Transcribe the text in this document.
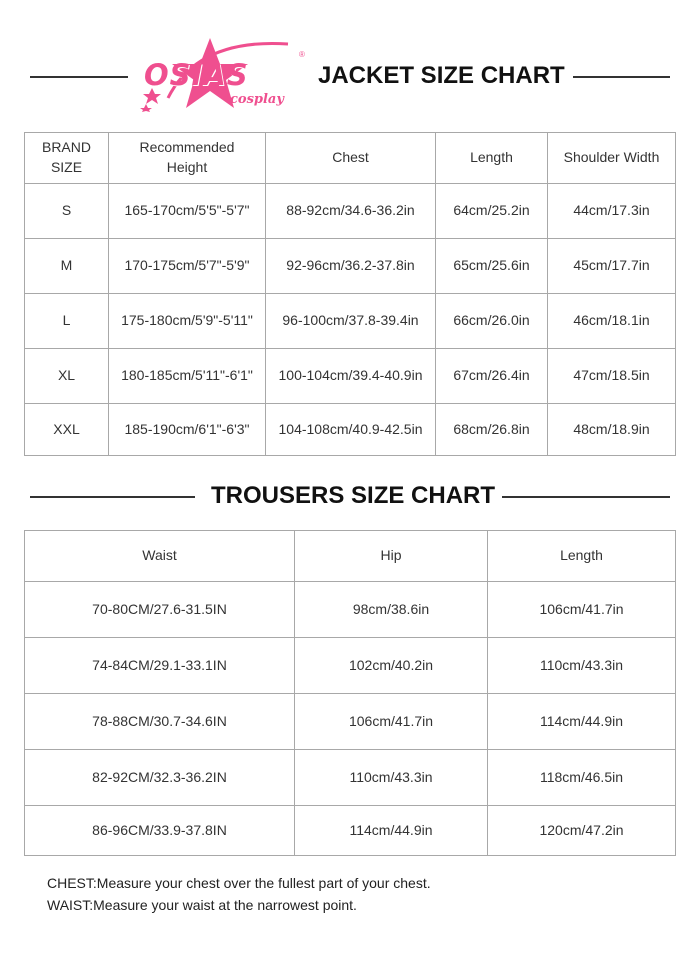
OSIAS
cosplay
®
JACKET SIZE CHART
BRAND SIZE	Recommended Height	Chest	Length	Shoulder Width
S	165-170cm/5'5"-5'7"	88-92cm/34.6-36.2in	64cm/25.2in	44cm/17.3in
M	170-175cm/5'7"-5'9"	92-96cm/36.2-37.8in	65cm/25.6in	45cm/17.7in
L	175-180cm/5'9"-5'11"	96-100cm/37.8-39.4in	66cm/26.0in	46cm/18.1in
XL	180-185cm/5'11"-6'1"	100-104cm/39.4-40.9in	67cm/26.4in	47cm/18.5in
XXL	185-190cm/6'1"-6'3"	104-108cm/40.9-42.5in	68cm/26.8in	48cm/18.9in
TROUSERS SIZE CHART
Waist	Hip	Length
70-80CM/27.6-31.5IN	98cm/38.6in	106cm/41.7in
74-84CM/29.1-33.1IN	102cm/40.2in	110cm/43.3in
78-88CM/30.7-34.6IN	106cm/41.7in	114cm/44.9in
82-92CM/32.3-36.2IN	110cm/43.3in	118cm/46.5in
86-96CM/33.9-37.8IN	114cm/44.9in	120cm/47.2in
CHEST:Measure your chest over the fullest part of your chest.
WAIST:Measure your waist at the narrowest point.
